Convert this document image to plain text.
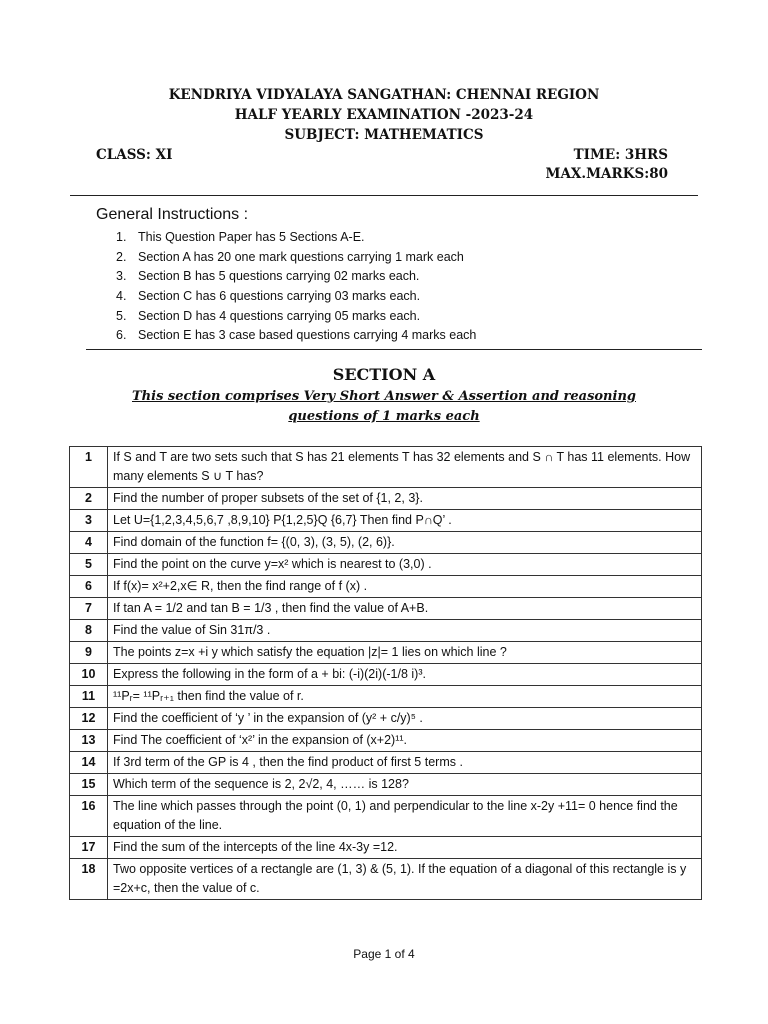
KENDRIYA VIDYALAYA SANGATHAN: CHENNAI REGION
HALF YEARLY EXAMINATION -2023-24
SUBJECT: MATHEMATICS
CLASS: XI	TIME: 3HRS
MAX.MARKS:80
General Instructions :
1. This Question Paper has 5 Sections A-E.
2. Section A has 20 one mark questions carrying 1 mark each
3. Section B has 5 questions carrying 02 marks each.
4. Section C has 6 questions carrying 03 marks each.
5. Section D has 4 questions carrying 05 marks each.
6. Section E has 3 case based questions carrying 4 marks each
SECTION A
This section comprises Very Short Answer & Assertion and reasoning questions of 1 marks each
1	If S and T are two sets such that S has 21 elements T has 32 elements and S ∩ T has 11 elements. How many elements S ∪ T has?
2	Find the number of proper subsets of the set of {1, 2, 3}.
3	Let U={1,2,3,4,5,6,7 ,8,9,10} P{1,2,5}Q {6,7} Then find P∩Q’ .
4	Find domain of the function f= {(0, 3), (3, 5), (2, 6)}.
5	Find the point on the curve y=x² which is nearest to (3,0) .
6	If f(x)= x²+2,x∈ R, then the find range of f (x) .
7	If tan A = 1/2 and tan B = 1/3 , then find the value of A+B.
8	Find the value of Sin 31π/3 .
9	The points z=x +i y which satisfy the equation |z|= 1 lies on which line ?
10	Express the following in the form of a + bi: (-i)(2i)(-1/8 i)³.
11	¹¹Pᵣ= ¹¹Pᵣ₊₁ then find the value of r.
12	Find the coefficient of ‘y ’ in the expansion of (y² + c/y)⁵ .
13	Find The coefficient of ‘x²’ in the expansion of (x+2)¹¹.
14	If 3rd term of the GP is 4 , then the find product of first 5 terms .
15	Which term of the sequence is 2, 2√2, 4, …… is 128?
16	The line which passes through the point (0, 1) and perpendicular to the line x-2y +11= 0 hence find the equation of the line.
17	Find the sum of the intercepts of the line 4x-3y =12.
18	Two opposite vertices of a rectangle are (1, 3) & (5, 1). If the equation of a diagonal of this rectangle is y =2x+c, then the value of c.
Page 1 of 4
